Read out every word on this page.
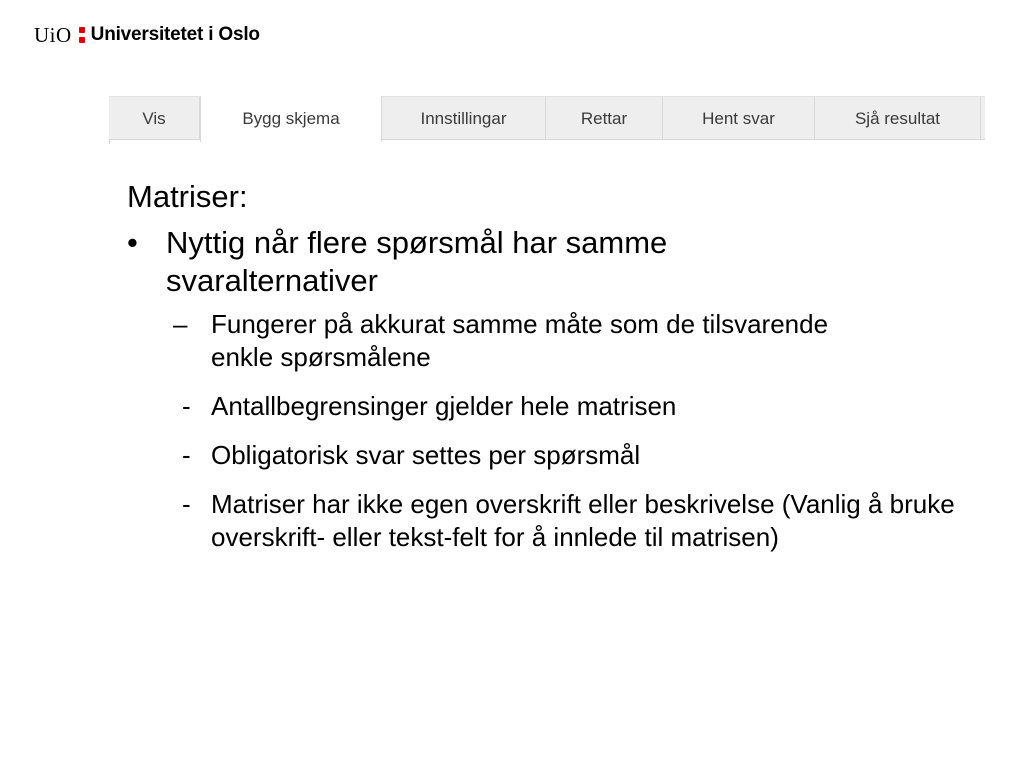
UiO Universitetet i Oslo
Vis	Bygg skjema	Innstillingar	Rettar	Hent svar	Sjå resultat
Matriser:
• Nyttig når flere spørsmål har samme svaralternativer
– Fungerer på akkurat samme måte som de tilsvarende enkle spørsmålene
- Antallbegrensinger gjelder hele matrisen
- Obligatorisk svar settes per spørsmål
- Matriser har ikke egen overskrift eller beskrivelse (Vanlig å bruke overskrift- eller tekst-felt for å innlede til matrisen)
